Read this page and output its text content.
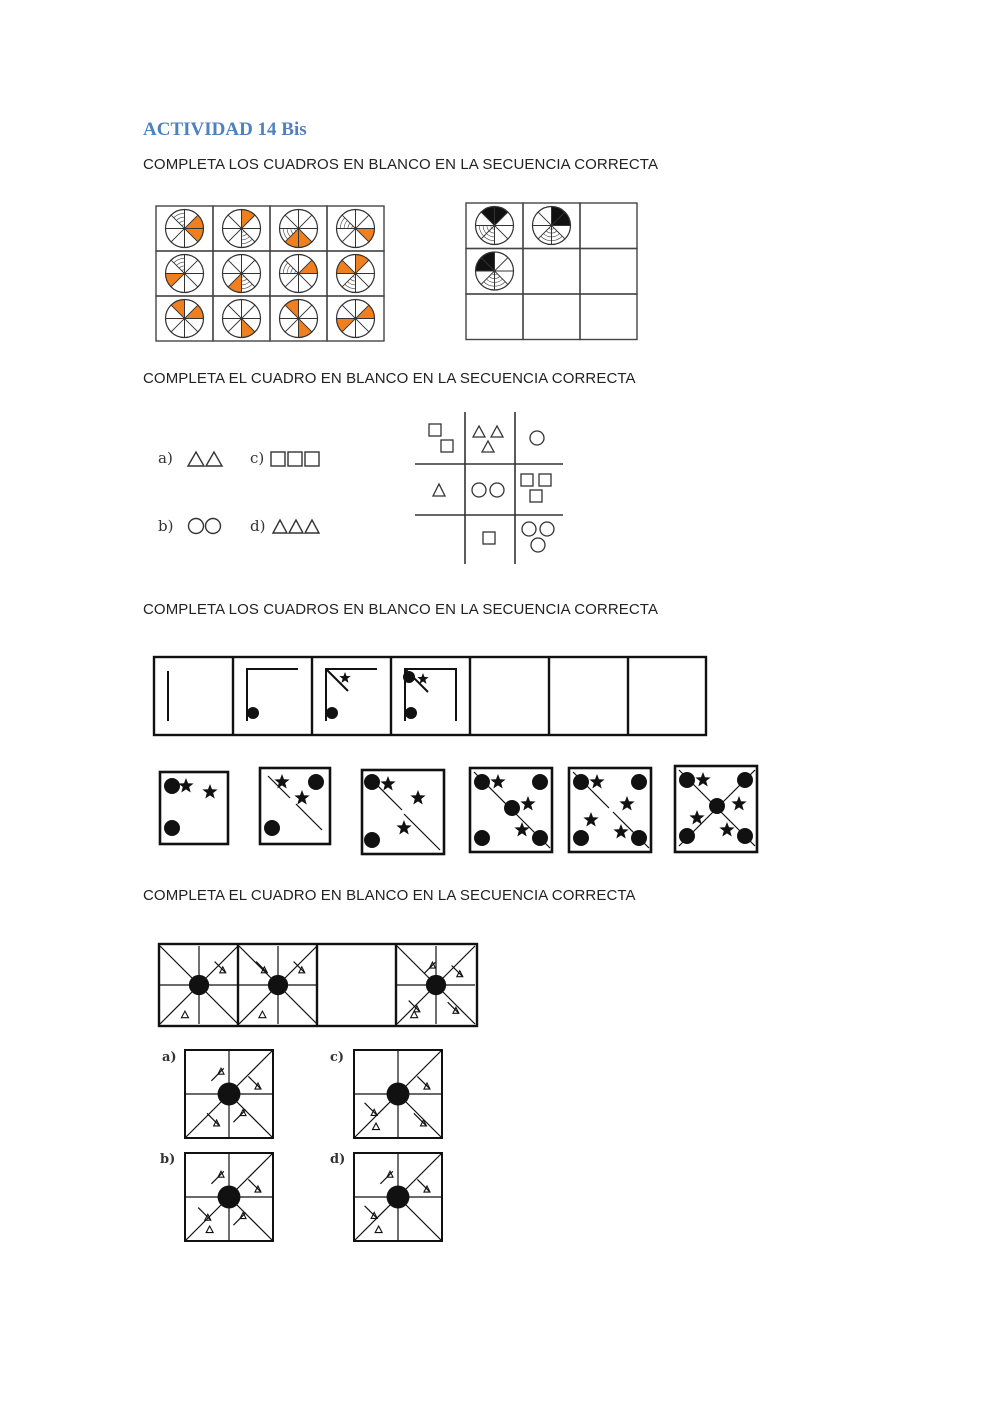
ACTIVIDAD 14 Bis
COMPLETA LOS CUADROS EN BLANCO EN LA SECUENCIA CORRECTA
COMPLETA EL CUADRO EN BLANCO EN LA SECUENCIA CORRECTA
COMPLETA LOS CUADROS EN BLANCO EN LA SECUENCIA CORRECTA
COMPLETA EL CUADRO EN BLANCO EN LA SECUENCIA CORRECTA
a)	c)
b)	d)
a)	c)
b)	d)
